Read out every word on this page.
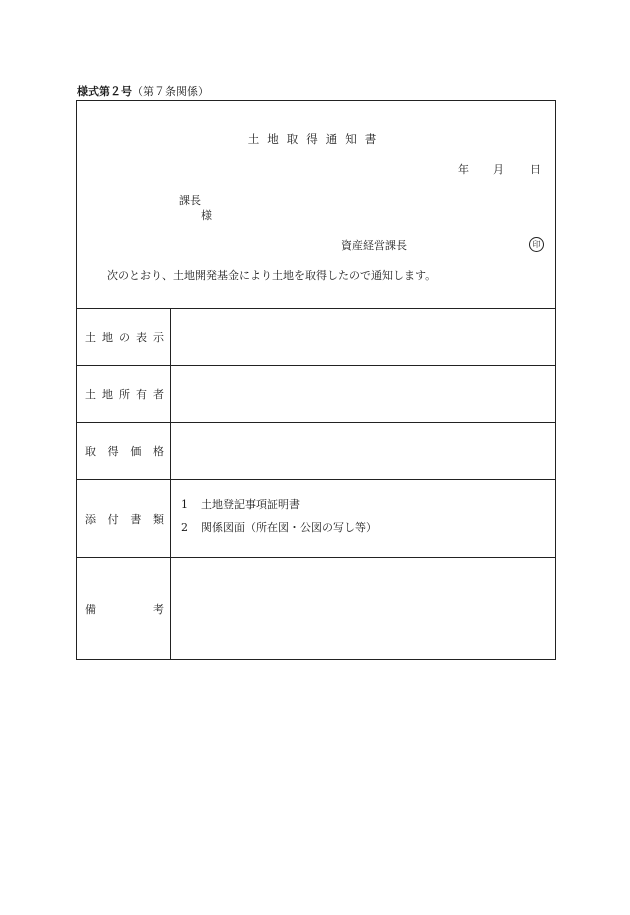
様式第２号（第７条関係）
土地取得通知書
年 月 日
課長
様
資産経営課長	印
次のとおり、土地開発基金により土地を取得したので通知します。
土 地 の 表 示
土 地 所 有 者
取 得 価 格
添 付 書 類
1 土地登記事項証明書
2 関係図面（所在図・公図の写し等）
備	考
